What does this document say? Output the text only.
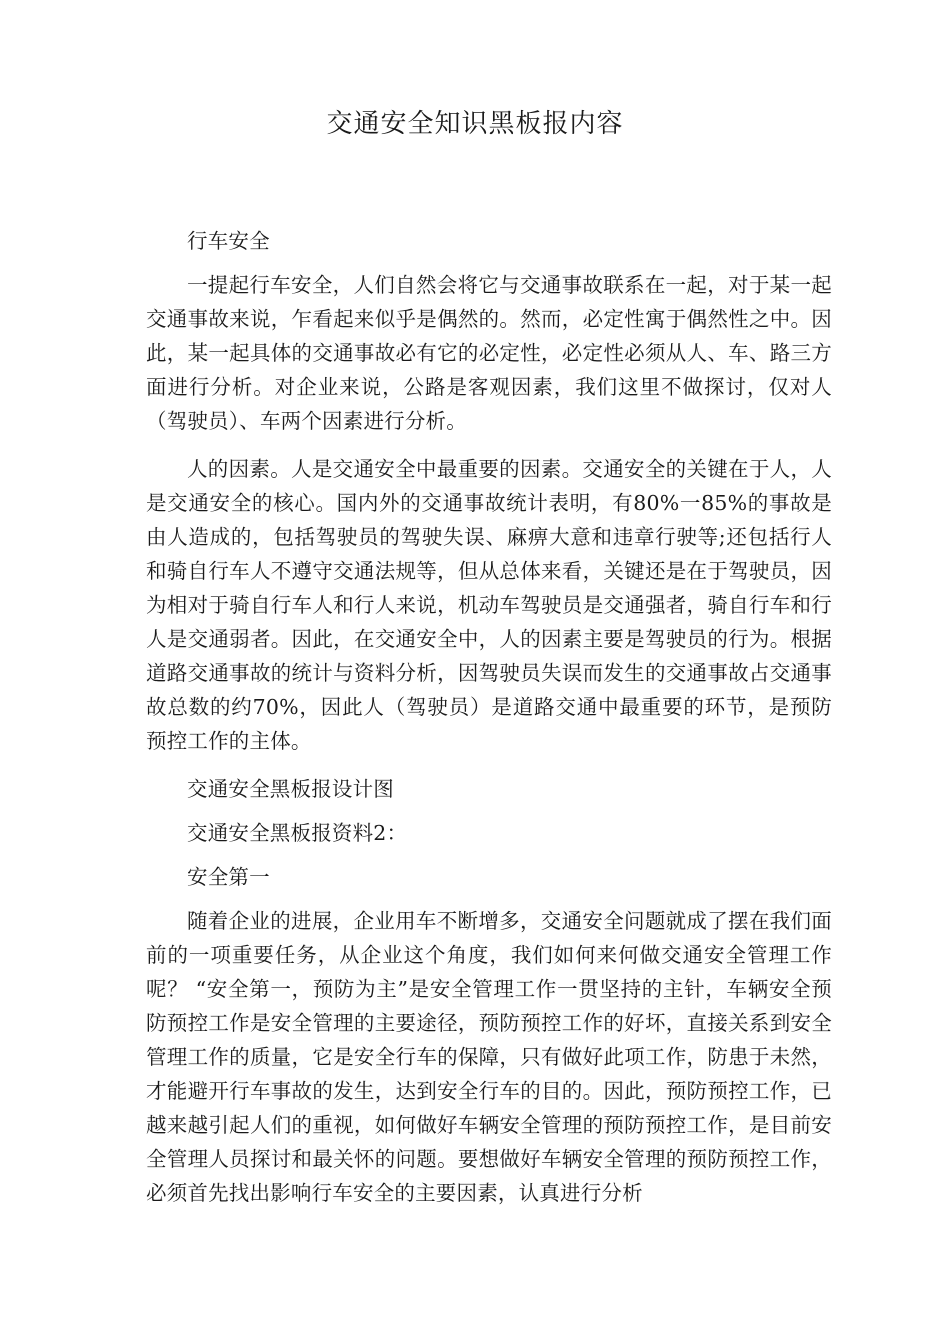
交通安全知识黑板报内容

行车安全

一提起行车安全，人们自然会将它与交通事故联系在一起，对于某一起交通事故来说，乍看起来似乎是偶然的。然而，必定性寓于偶然性之中。因此，某一起具体的交通事故必有它的必定性，必定性必须从人、车、路三方面进行分析。对企业来说，公路是客观因素，我们这里不做探讨，仅对人（驾驶员）、车两个因素进行分析。

人的因素。人是交通安全中最重要的因素。交通安全的关键在于人，人是交通安全的核心。国内外的交通事故统计表明，有80%一85%的事故是由人造成的，包括驾驶员的驾驶失误、麻痹大意和违章行驶等;还包括行人和骑自行车人不遵守交通法规等，但从总体来看，关键还是在于驾驶员，因为相对于骑自行车人和行人来说，机动车驾驶员是交通强者，骑自行车和行人是交通弱者。因此，在交通安全中，人的因素主要是驾驶员的行为。根据道路交通事故的统计与资料分析，因驾驶员失误而发生的交通事故占交通事故总数的约70%，因此人（驾驶员）是道路交通中最重要的环节，是预防预控工作的主体。

交通安全黑板报设计图

交通安全黑板报资料2：

安全第一

随着企业的进展，企业用车不断增多，交通安全问题就成了摆在我们面前的一项重要任务，从企业这个角度，我们如何来何做交通安全管理工作呢？ “安全第一，预防为主”是安全管理工作一贯坚持的主针，车辆安全预防预控工作是安全管理的主要途径，预防预控工作的好坏，直接关系到安全管理工作的质量，它是安全行车的保障，只有做好此项工作，防患于未然，才能避开行车事故的发生，达到安全行车的目的。因此，预防预控工作，已越来越引起人们的重视，如何做好车辆安全管理的预防预控工作，是目前安全管理人员探讨和最关怀的问题。要想做好车辆安全管理的预防预控工作，必须首先找出影响行车安全的主要因素，认真进行分析
